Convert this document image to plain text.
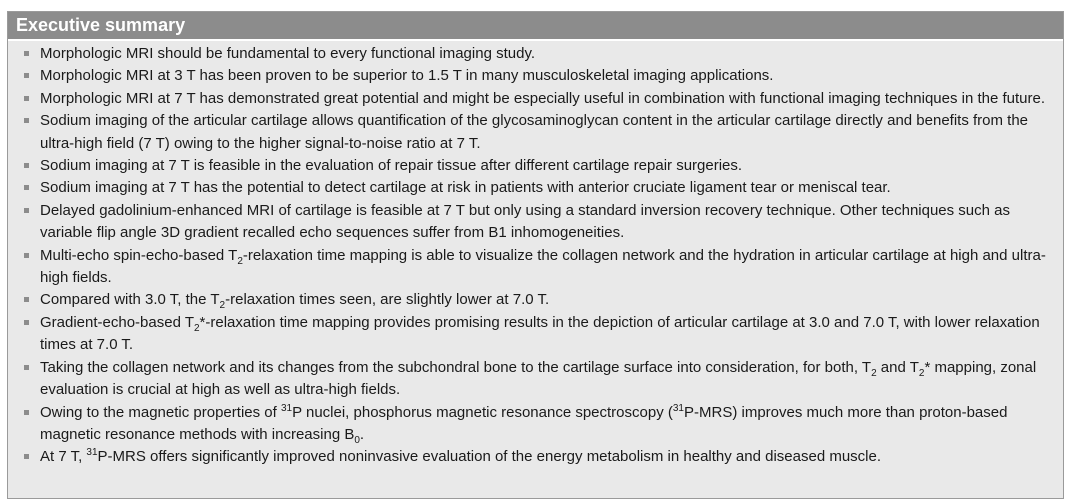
Executive summary
Morphologic MRI should be fundamental to every functional imaging study.
Morphologic MRI at 3 T has been proven to be superior to 1.5 T in many musculoskeletal imaging applications.
Morphologic MRI at 7 T has demonstrated great potential and might be especially useful in combination with functional imaging techniques in the future.
Sodium imaging of the articular cartilage allows quantification of the glycosaminoglycan content in the articular cartilage directly and benefits from the ultra-high field (7 T) owing to the higher signal-to-noise ratio at 7 T.
Sodium imaging at 7 T is feasible in the evaluation of repair tissue after different cartilage repair surgeries.
Sodium imaging at 7 T has the potential to detect cartilage at risk in patients with anterior cruciate ligament tear or meniscal tear.
Delayed gadolinium-enhanced MRI of cartilage is feasible at 7 T but only using a standard inversion recovery technique. Other techniques such as variable flip angle 3D gradient recalled echo sequences suffer from B1 inhomogeneities.
Multi-echo spin-echo-based $T_2$-relaxation time mapping is able to visualize the collagen network and the hydration in articular cartilage at high and ultra-high fields.
Compared with 3.0 T, the $T_2$-relaxation times seen, are slightly lower at 7.0 T.
Gradient-echo-based $T_2*$-relaxation time mapping provides promising results in the depiction of articular cartilage at 3.0 and 7.0 T, with lower relaxation times at 7.0 T.
Taking the collagen network and its changes from the subchondral bone to the cartilage surface into consideration, for both, $T_2$ and $T_2*$ mapping, zonal evaluation is crucial at high as well as ultra-high fields.
Owing to the magnetic properties of $^{31}$P nuclei, phosphorus magnetic resonance spectroscopy ($^{31}$P-MRS) improves much more than proton-based magnetic resonance methods with increasing $B_0$.
At 7 T, $^{31}$P-MRS offers significantly improved noninvasive evaluation of the energy metabolism in healthy and diseased muscle.
